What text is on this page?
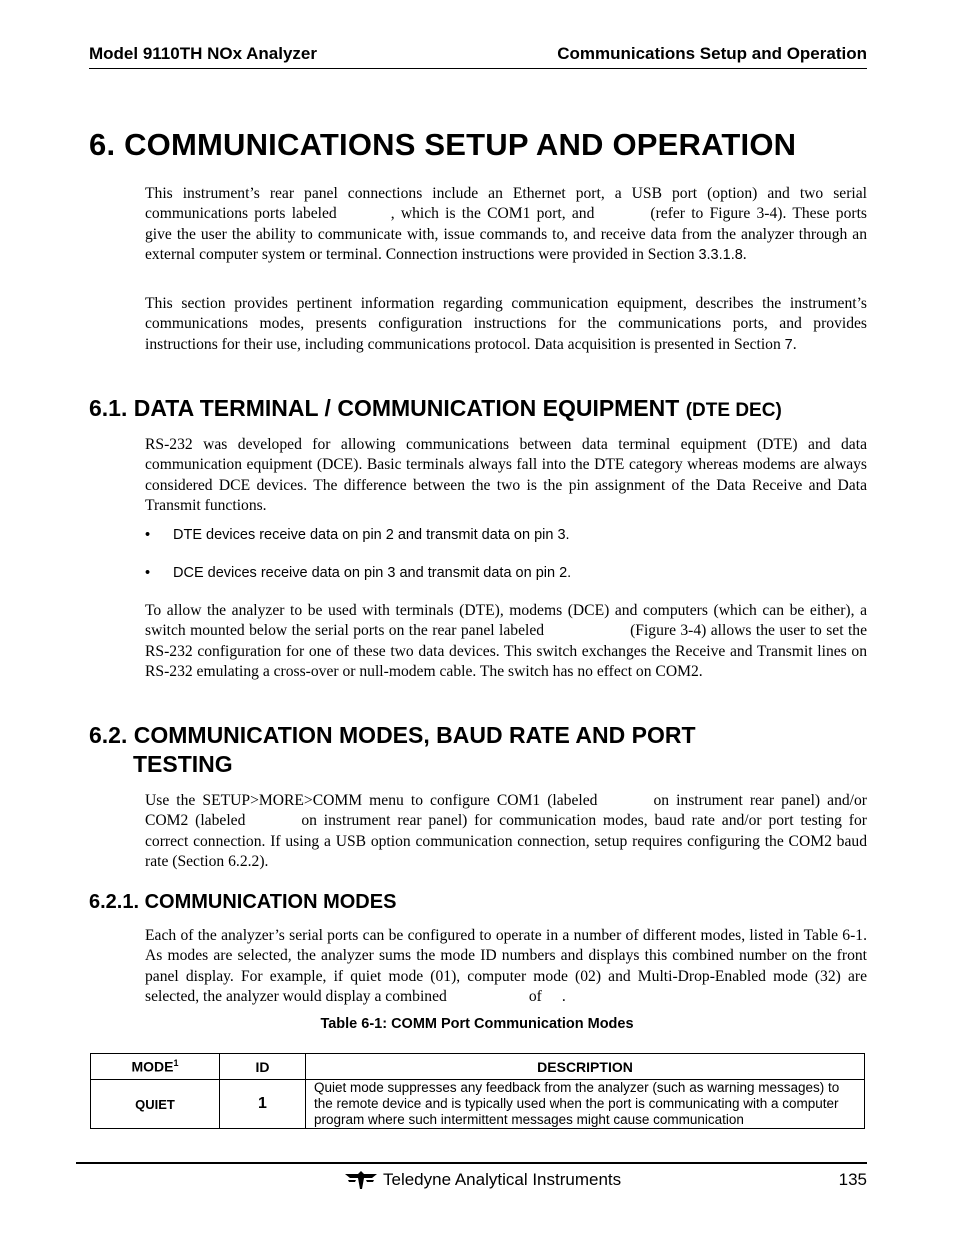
Model 9110TH NOx Analyzer	Communications Setup and Operation
6. COMMUNICATIONS SETUP AND OPERATION

This instrument’s rear panel connections include an Ethernet port, a USB port (option) and two serial communications ports labeled	, which is the COM1 port, and	(refer to Figure 3-4). These ports give the user the ability to communicate with, issue commands to, and receive data from the analyzer through an external computer system or terminal. Connection instructions were provided in Section 3.3.1.8.

This section provides pertinent information regarding communication equipment, describes the instrument’s communications modes, presents configuration instructions for the communications ports, and provides instructions for their use, including communications protocol. Data acquisition is presented in Section 7.

6.1. DATA TERMINAL / COMMUNICATION EQUIPMENT (DTE DEC)

RS-232 was developed for allowing communications between data terminal equipment (DTE) and data communication equipment (DCE). Basic terminals always fall into the DTE category whereas modems are always considered DCE devices. The difference between the two is the pin assignment of the Data Receive and Data Transmit functions.

• DTE devices receive data on pin 2 and transmit data on pin 3.
• DCE devices receive data on pin 3 and transmit data on pin 2.

To allow the analyzer to be used with terminals (DTE), modems (DCE) and computers (which can be either), a switch mounted below the serial ports on the rear panel labeled	(Figure 3-4) allows the user to set the RS-232 configuration for one of these two data devices. This switch exchanges the Receive and Transmit lines on RS-232 emulating a cross-over or null-modem cable. The switch has no effect on COM2.

6.2. COMMUNICATION MODES, BAUD RATE AND PORT
TESTING

Use the SETUP>MORE>COMM menu to configure COM1 (labeled	on instrument rear panel) and/or COM2 (labeled	on instrument rear panel) for communication modes, baud rate and/or port testing for correct connection. If using a USB option communication connection, setup requires configuring the COM2 baud rate (Section 6.2.2).

6.2.1. COMMUNICATION MODES

Each of the analyzer’s serial ports can be configured to operate in a number of different modes, listed in Table 6-1. As modes are selected, the analyzer sums the mode ID numbers and displays this combined number on the front panel display. For example, if quiet mode (01), computer mode (02) and Multi-Drop-Enabled mode (32) are selected, the analyzer would display a combined	of .

Table 6-1: COMM Port Communication Modes
MODE$^1$	ID	DESCRIPTION
QUIET	1	Quiet mode suppresses any feedback from the analyzer (such as warning messages) to the remote device and is typically used when the port is communicating with a computer program where such intermittent messages might cause communication
Teledyne Analytical Instruments	135
